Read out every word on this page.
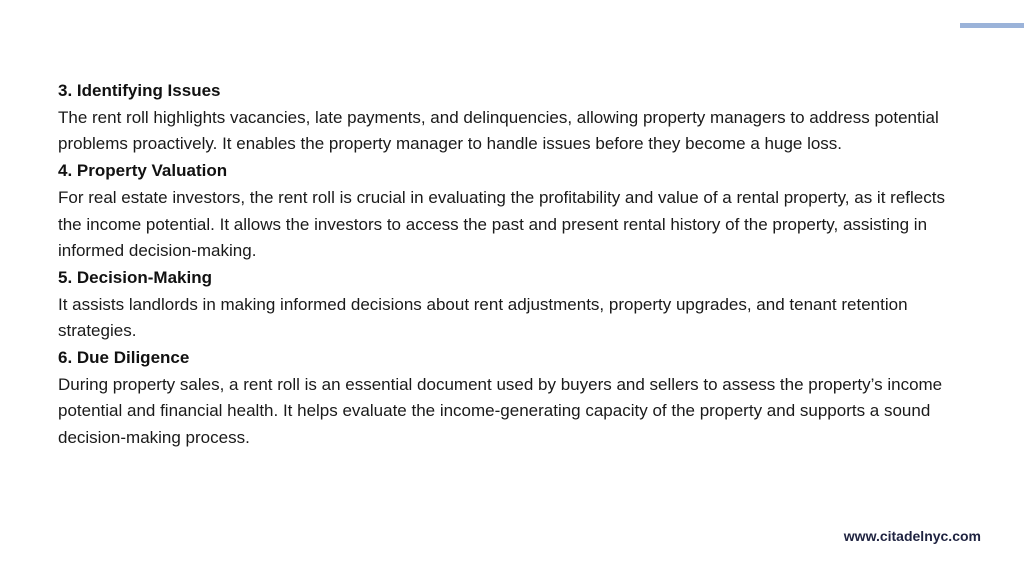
3. Identifying Issues

The rent roll highlights vacancies, late payments, and delinquencies, allowing property managers to address potential problems proactively. It enables the property manager to handle issues before they become a huge loss.

4. Property Valuation

For real estate investors, the rent roll is crucial in evaluating the profitability and value of a rental property, as it reflects the income potential. It allows the investors to access the past and present rental history of the property, assisting in informed decision-making.

5. Decision-Making

It assists landlords in making informed decisions about rent adjustments, property upgrades, and tenant retention strategies.

6. Due Diligence

During property sales, a rent roll is an essential document used by buyers and sellers to assess the property’s income potential and financial health. It helps evaluate the income-generating capacity of the property and supports a sound decision-making process.

www.citadelnyc.com
